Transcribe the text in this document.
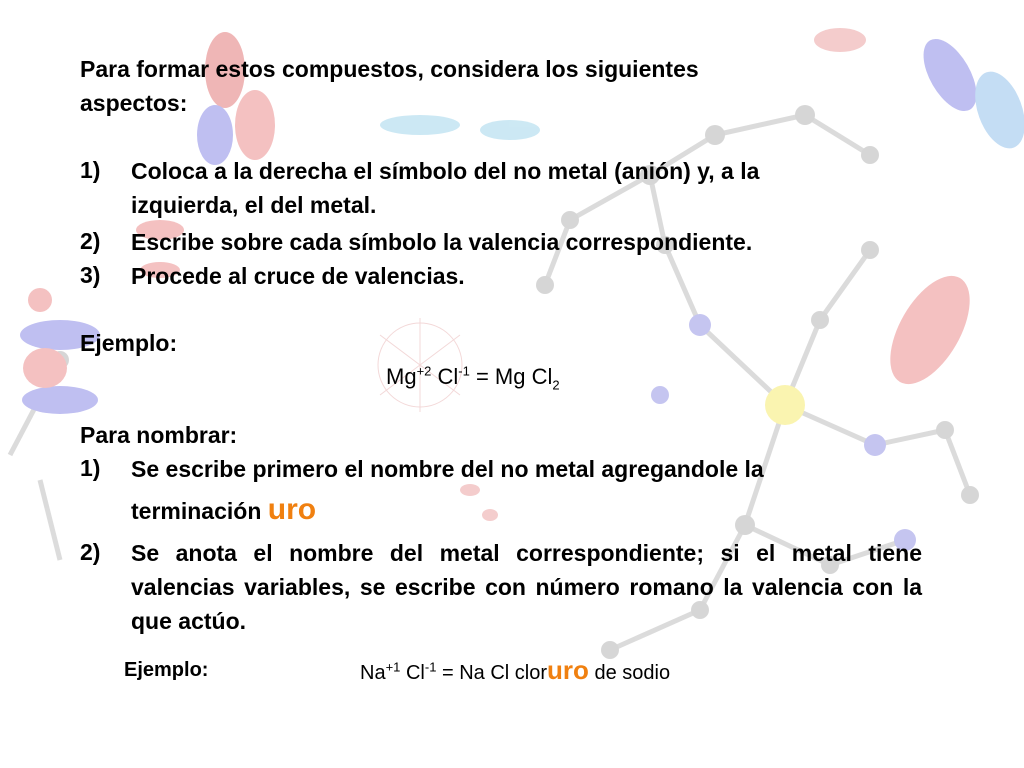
Para formar estos compuestos, considera los siguientes
aspectos:
1) Coloca a la derecha el símbolo del no metal (anión) y, a la
izquierda, el del metal.
2) Escribe sobre cada símbolo la valencia correspondiente.
3) Procede al cruce de valencias.
Ejemplo:
$Mg^{+2}$ $Cl^{-1} = Mg$ $Cl_2$
Para nombrar:
1) Se escribe primero el nombre del no metal agregandole la
terminación uro
2) Se anota el nombre del metal correspondiente; si el metal tiene valencias variables, se escribe con número romano la valencia con la que actúo.
Ejemplo:	$Na^{+1}$ $Cl^{-1} = Na$ Cl cloruro de sodio
